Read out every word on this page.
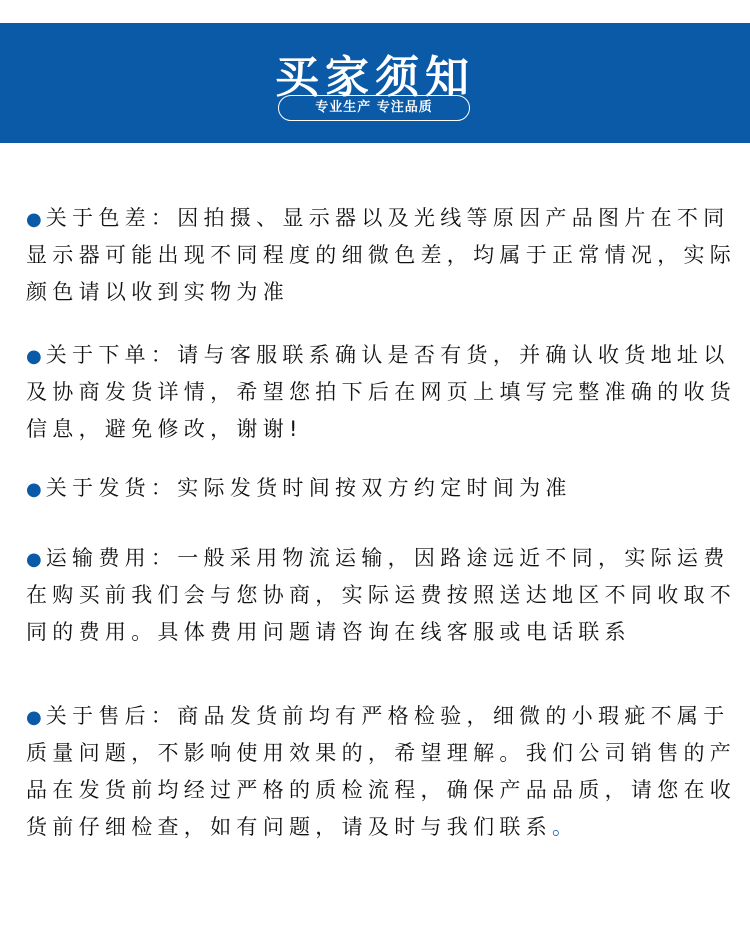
买家须知
专业生产 专注品质
● 关于色差：因拍摄、显示器以及光线等原因产品图片在不同
显示器可能出现不同程度的细微色差，均属于正常情况，实际
颜色请以收到实物为准
● 关于下单：请与客服联系确认是否有货，并确认收货地址以
及协商发货详情，希望您拍下后在网页上填写完整准确的收货
信息，避免修改，谢谢!
● 关于发货：实际发货时间按双方约定时间为准
● 运输费用：一般采用物流运输，因路途远近不同，实际运费
在购买前我们会与您协商，实际运费按照送达地区不同收取不
同的费用。具体费用问题请咨询在线客服或电话联系
● 关于售后：商品发货前均有严格检验，细微的小瑕疵不属于
质量问题，不影响使用效果的，希望理解。我们公司销售的产
品在发货前均经过严格的质检流程，确保产品品质，请您在收
货前仔细检查，如有问题，请及时与我们联系。
